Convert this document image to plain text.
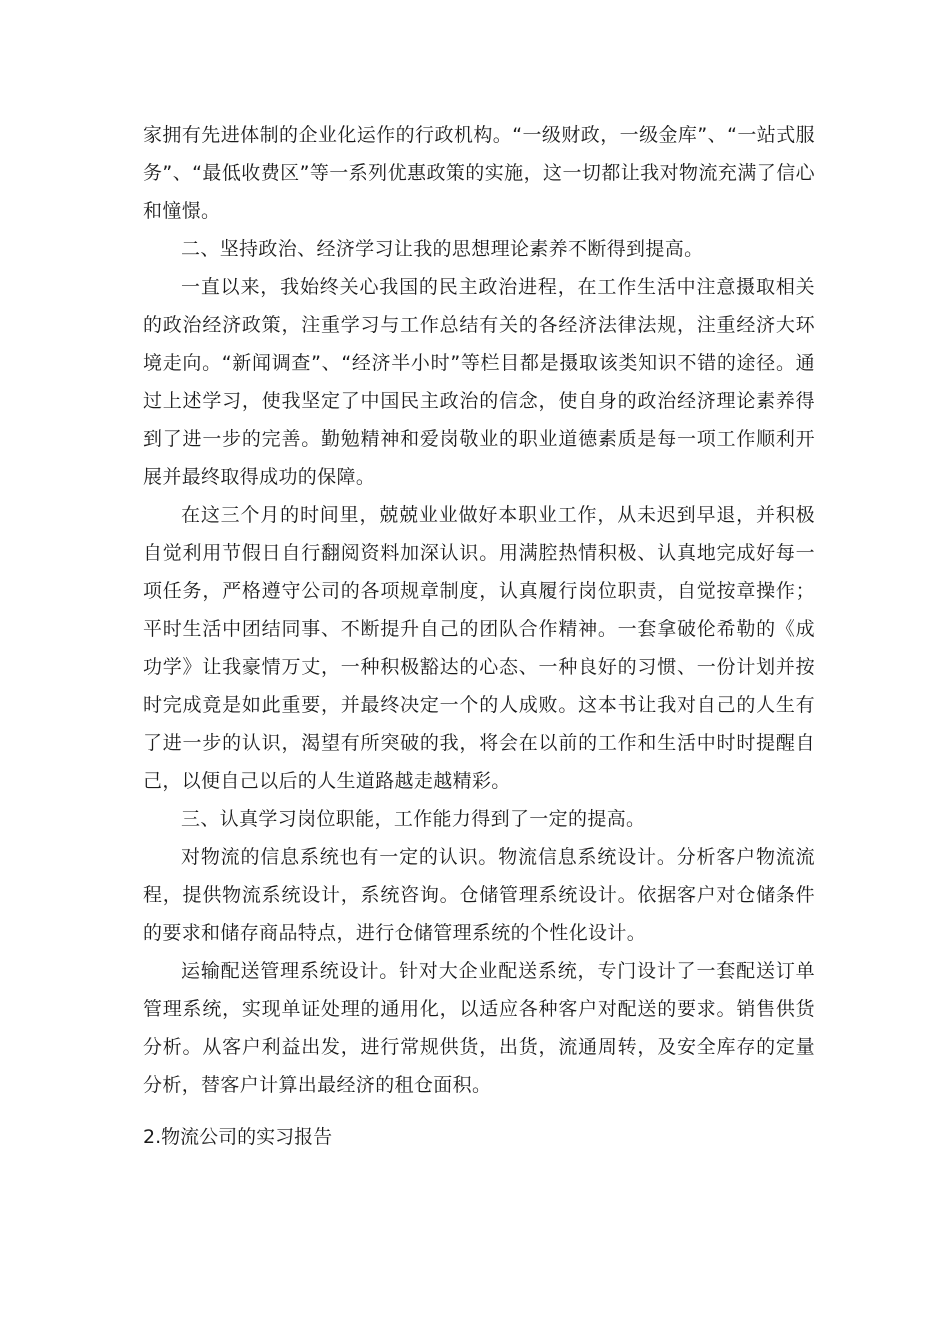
家拥有先进体制的企业化运作的行政机构。“一级财政，一级金库”、“一站式服务”、“最低收费区”等一系列优惠政策的实施，这一切都让我对物流充满了信心和憧憬。

二、坚持政治、经济学习让我的思想理论素养不断得到提高。

一直以来，我始终关心我国的民主政治进程，在工作生活中注意摄取相关的政治经济政策，注重学习与工作总结有关的各经济法律法规，注重经济大环境走向。“新闻调查”、“经济半小时”等栏目都是摄取该类知识不错的途径。通过上述学习，使我坚定了中国民主政治的信念，使自身的政治经济理论素养得到了进一步的完善。勤勉精神和爱岗敬业的职业道德素质是每一项工作顺利开展并最终取得成功的保障。

在这三个月的时间里，兢兢业业做好本职业工作，从未迟到早退，并积极自觉利用节假日自行翻阅资料加深认识。用满腔热情积极、认真地完成好每一项任务，严格遵守公司的各项规章制度，认真履行岗位职责，自觉按章操作；平时生活中团结同事、不断提升自己的团队合作精神。一套拿破伦希勒的《成功学》让我豪情万丈，一种积极豁达的心态、一种良好的习惯、一份计划并按时完成竟是如此重要，并最终决定一个的人成败。这本书让我对自己的人生有了进一步的认识，渴望有所突破的我，将会在以前的工作和生活中时时提醒自己，以便自己以后的人生道路越走越精彩。

三、认真学习岗位职能，工作能力得到了一定的提高。

对物流的信息系统也有一定的认识。物流信息系统设计。分析客户物流流程，提供物流系统设计，系统咨询。仓储管理系统设计。依据客户对仓储条件的要求和储存商品特点，进行仓储管理系统的个性化设计。

运输配送管理系统设计。针对大企业配送系统，专门设计了一套配送订单管理系统，实现单证处理的通用化，以适应各种客户对配送的要求。销售供货分析。从客户利益出发，进行常规供货，出货，流通周转，及安全库存的定量分析，替客户计算出最经济的租仓面积。

2.物流公司的实习报告
